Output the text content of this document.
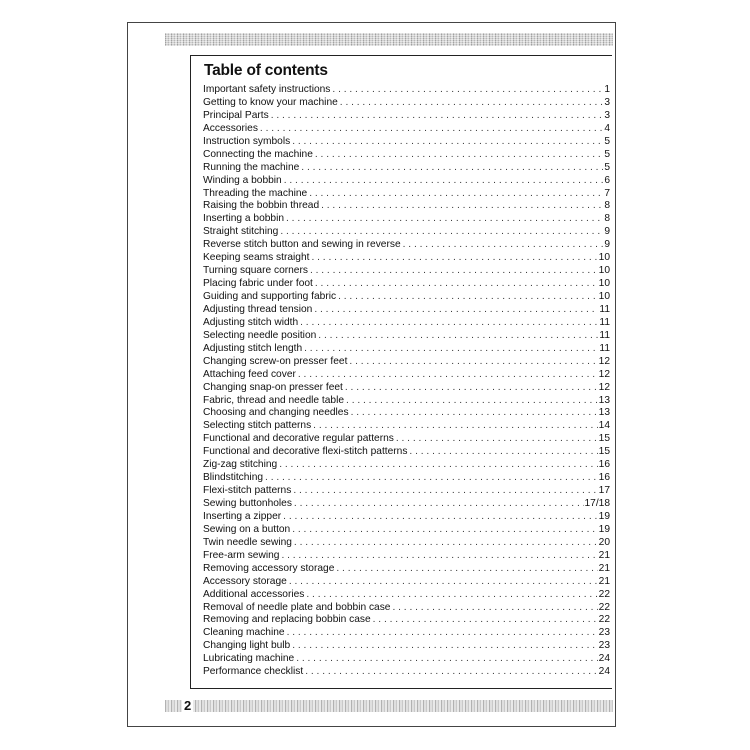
Table of contents
Important safety instructions . . .	1
Getting to know your machine . . .	3
Principal Parts . . .	3
Accessories . . .	4
Instruction symbols . . .	5
Connecting the machine . . .	5
Running the machine . . .	5
Winding a bobbin . . .	6
Threading the machine . . .	7
Raising the bobbin thread . . .	8
Inserting a bobbin . . .	8
Straight stitching . . .	9
Reverse stitch button and sewing in reverse . . .	9
Keeping seams straight . . .	10
Turning square corners . . .	10
Placing fabric under foot . . .	10
Guiding and supporting fabric . . .	10
Adjusting thread tension . . .	11
Adjusting stitch width . . .	11
Selecting needle position . . .	11
Adjusting stitch length . . .	11
Changing screw-on presser feet . . .	12
Attaching feed cover . . .	12
Changing snap-on presser feet . . .	12
Fabric, thread and needle table . . .	13
Choosing and changing needles . . .	13
Selecting stitch patterns . . .	14
Functional and decorative regular patterns . . .	15
Functional and decorative flexi-stitch patterns . . .	15
Zig-zag stitching . . .	16
Blindstitching . . .	16
Flexi-stitch patterns . . .	17
Sewing buttonholes . . .	17/18
Inserting a zipper . . .	19
Sewing on a button . . .	19
Twin needle sewing . . .	20
Free-arm sewing . . .	21
Removing accessory storage . . .	21
Accessory storage . . .	21
Additional accessories . . .	22
Removal of needle plate and bobbin case . . .	22
Removing and replacing bobbin case . . .	22
Cleaning machine . . .	23
Changing light bulb . . .	23
Lubricating machine . . .	24
Performance checklist . . .	24

2
